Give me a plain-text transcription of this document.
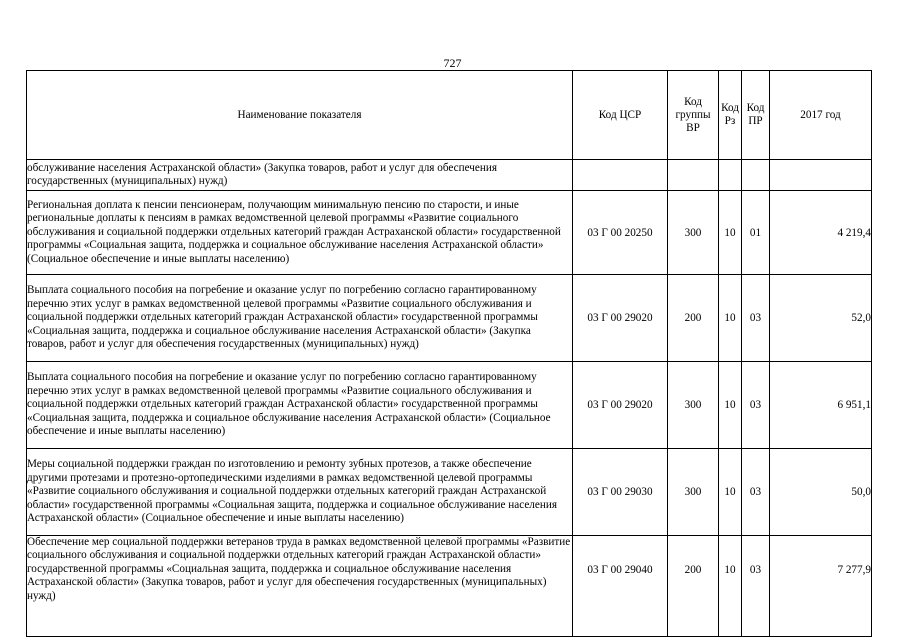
727
Наименование показателя	Код ЦСР	Код группы ВР	Код Рз	Код ПР	2017 год
обслуживание населения Астраханской области» (Закупка товаров, работ и услуг для обеспечения государственных (муниципальных) нужд)					
Региональная доплата к пенсии пенсионерам, получающим минимальную пенсию по старости, и иные региональные доплаты к пенсиям в рамках ведомственной целевой программы «Развитие социального обслуживания и социальной поддержки отдельных категорий граждан Астраханской области» государственной программы «Социальная защита, поддержка и социальное обслуживание населения Астраханской области» (Социальное обеспечение и иные выплаты населению)	03 Г 00 20250	300	10	01	4 219,4
Выплата социального пособия на погребение и оказание услуг по погребению согласно гарантированному перечню этих услуг в рамках ведомственной целевой программы «Развитие социального обслуживания и социальной поддержки отдельных категорий граждан Астраханской области» государственной программы «Социальная защита, поддержка и социальное обслуживание населения Астраханской области» (Закупка товаров, работ и услуг для обеспечения государственных (муниципальных) нужд)	03 Г 00 29020	200	10	03	52,0
Выплата социального пособия на погребение и оказание услуг по погребению согласно гарантированному перечню этих услуг в рамках ведомственной целевой программы «Развитие социального обслуживания и социальной поддержки отдельных категорий граждан Астраханской области» государственной программы «Социальная защита, поддержка и социальное обслуживание населения Астраханской области» (Социальное обеспечение и иные выплаты населению)	03 Г 00 29020	300	10	03	6 951,1
Меры социальной поддержки граждан по изготовлению и ремонту зубных протезов, а также обеспечение другими протезами и протезно-ортопедическими изделиями в рамках ведомственной целевой программы «Развитие социального обслуживания и социальной поддержки отдельных категорий граждан Астраханской области» государственной программы «Социальная защита, поддержка и социальное обслуживание населения Астраханской области» (Социальное обеспечение и иные выплаты населению)	03 Г 00 29030	300	10	03	50,0
Обеспечение мер социальной поддержки ветеранов труда в рамках ведомственной целевой программы «Развитие социального обслуживания и социальной поддержки отдельных категорий граждан Астраханской области» государственной программы «Социальная защита, поддержка и социальное обслуживание населения Астраханской области» (Закупка товаров, работ и услуг для обеспечения государственных (муниципальных) нужд)	03 Г 00 29040	200	10	03	7 277,9
